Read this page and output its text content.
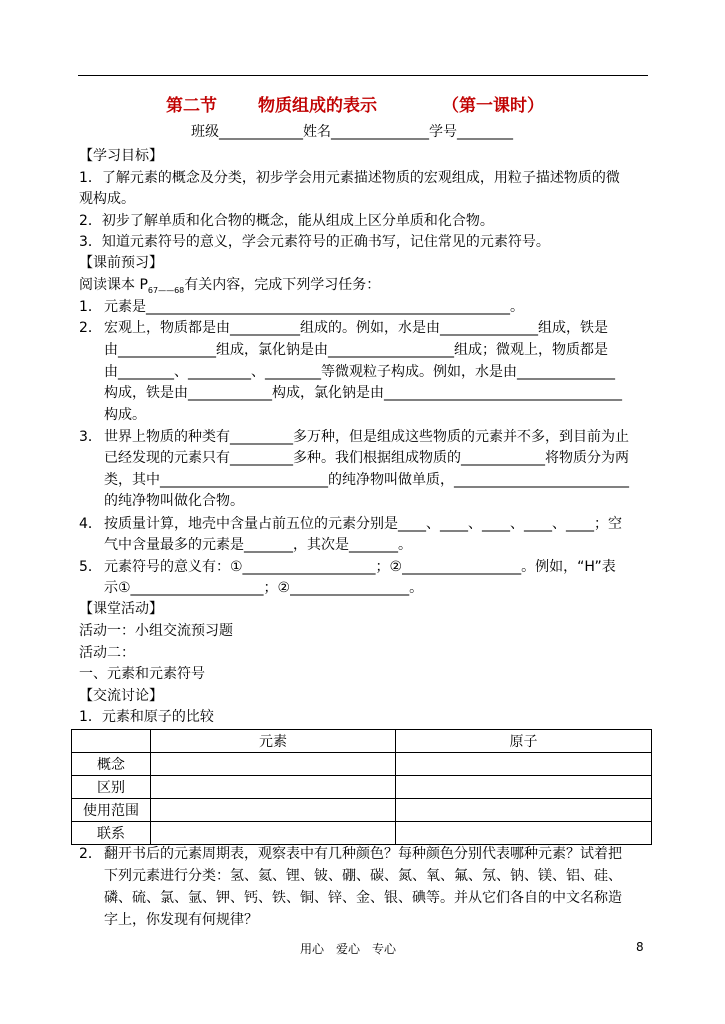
第二节 物质组成的表示	（第一课时）
班级____________姓名______________学号________
【学习目标】
1．了解元素的概念及分类，初步学会用元素描述物质的宏观组成，用粒子描述物质的微
观构成。
2．初步了解单质和化合物的概念，能从组成上区分单质和化合物。
3．知道元素符号的意义，学会元素符号的正确书写，记住常见的元素符号。
【课前预习】
阅读课本 $P_{67——68}$有关内容，完成下列学习任务：
1． 元素是____________________________________________________。
2． 宏观上，物质都是由__________组成的。例如，水是由______________组成，铁是
由______________组成，氯化钠是由__________________组成；微观上，物质都是
由________、_________、________等微观粒子构成。例如，水是由______________
构成，铁是由____________构成，氯化钠是由__________________________________
构成。
3． 世界上物质的种类有_________多万种，但是组成这些物质的元素并不多，到目前为止
已经发现的元素只有_________多种。我们根据组成物质的____________将物质分为两
类，其中________________________的纯净物叫做单质，_________________________
的纯净物叫做化合物。
4． 按质量计算，地壳中含量占前五位的元素分别是____、____、____、____、____；空
气中含量最多的元素是_______，其次是_______。
5． 元素符号的意义有：①___________________；②_________________。例如，“H”表
示①___________________；②_________________。
【课堂活动】
活动一：小组交流预习题
活动二：
一、元素和元素符号
【交流讨论】
1．元素和原子的比较
	元素	原子
概念		
区别		
使用范围		
联系		
2． 翻开书后的元素周期表，观察表中有几种颜色？每种颜色分别代表哪种元素？试着把
下列元素进行分类：氢、氦、锂、铍、硼、碳、氮、氧、氟、氖、钠、镁、铝、硅、
磷、硫、氯、氩、钾、钙、铁、铜、锌、金、银、碘等。并从它们各自的中文名称造
字上，你发现有何规律？
用心　爱心　专心	8
